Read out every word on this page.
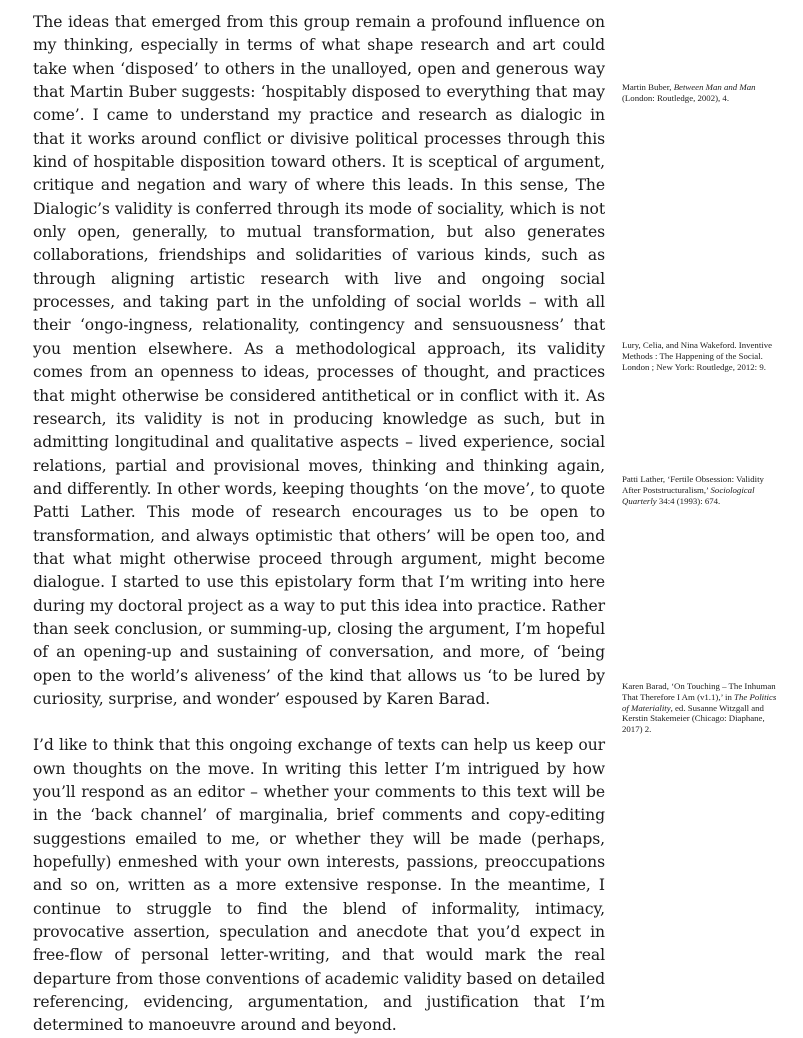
The ideas that emerged from this group remain a profound influence on my thinking, especially in terms of what shape research and art could take when ‘disposed’ to others in the unalloyed, open and generous way that Martin Buber suggests: ‘hospitably disposed to everything that may come’. I came to understand my practice and research as dialogic in that it works around conflict or divisive political processes through this kind of hospitable disposition toward others. It is sceptical of argument, critique and negation and wary of where this leads. In this sense, The Dialogic’s validity is conferred through its mode of sociality, which is not only open, generally, to mutual transformation, but also generates collaborations, friendships and solidarities of various kinds, such as through aligning artistic research with live and ongoing social processes, and taking part in the unfolding of social worlds – with all their ‘ongo-ingness, relationality, contingency and sensuousness’ that you mention elsewhere. As a methodological approach, its validity comes from an openness to ideas, processes of thought, and practices that might otherwise be considered antithetical or in conflict with it. As research, its validity is not in producing knowledge as such, but in admitting longitudinal and qualitative aspects – lived experience, social relations, partial and provisional moves, thinking and thinking again, and differently. In other words, keeping thoughts ‘on the move’, to quote Patti Lather. This mode of research encourages us to be open to transformation, and always optimistic that others’ will be open too, and that what might otherwise proceed through argument, might become dialogue. I started to use this epistolary form that I’m writing into here during my doctoral project as a way to put this idea into practice. Rather than seek conclusion, or summing-up, closing the argument, I’m hopeful of an opening-up and sustaining of conversation, and more, of ‘being open to the world’s aliveness’ of the kind that allows us ‘to be lured by curiosity, surprise, and wonder’ espoused by Karen Barad.

I’d like to think that this ongoing exchange of texts can help us keep our own thoughts on the move. In writing this letter I’m intrigued by how you’ll respond as an editor – whether your comments to this text will be in the ‘back channel’ of marginalia, brief comments and copy-editing suggestions emailed to me, or whether they will be made (perhaps, hopefully) enmeshed with your own interests, passions, preoccupations and so on, written as a more extensive response. In the meantime, I continue to struggle to find the blend of informality, intimacy, provocative assertion, speculation and anecdote that you’d expect in free-flow of personal letter-writing, and that would mark the real departure from those conventions of academic validity based on detailed referencing, evidencing, argumentation, and justification that I’m determined to manoeuvre around and beyond.

Martin Buber, Between Man and Man (London: Routledge, 2002), 4.
Lury, Celia, and Nina Wakeford. Inventive Methods : The Happening of the Social. London ; New York: Routledge, 2012: 9.
Patti Lather, ‘Fertile Obsession: Validity After Poststructuralism,’ Sociological Quarterly 34:4 (1993): 674.
Karen Barad, ‘On Touching – The Inhuman That Therefore I Am (v1.1),’ in The Politics of Materiality, ed. Susanne Witzgall and Kerstin Stakemeier (Chicago: Diaphane, 2017) 2.
